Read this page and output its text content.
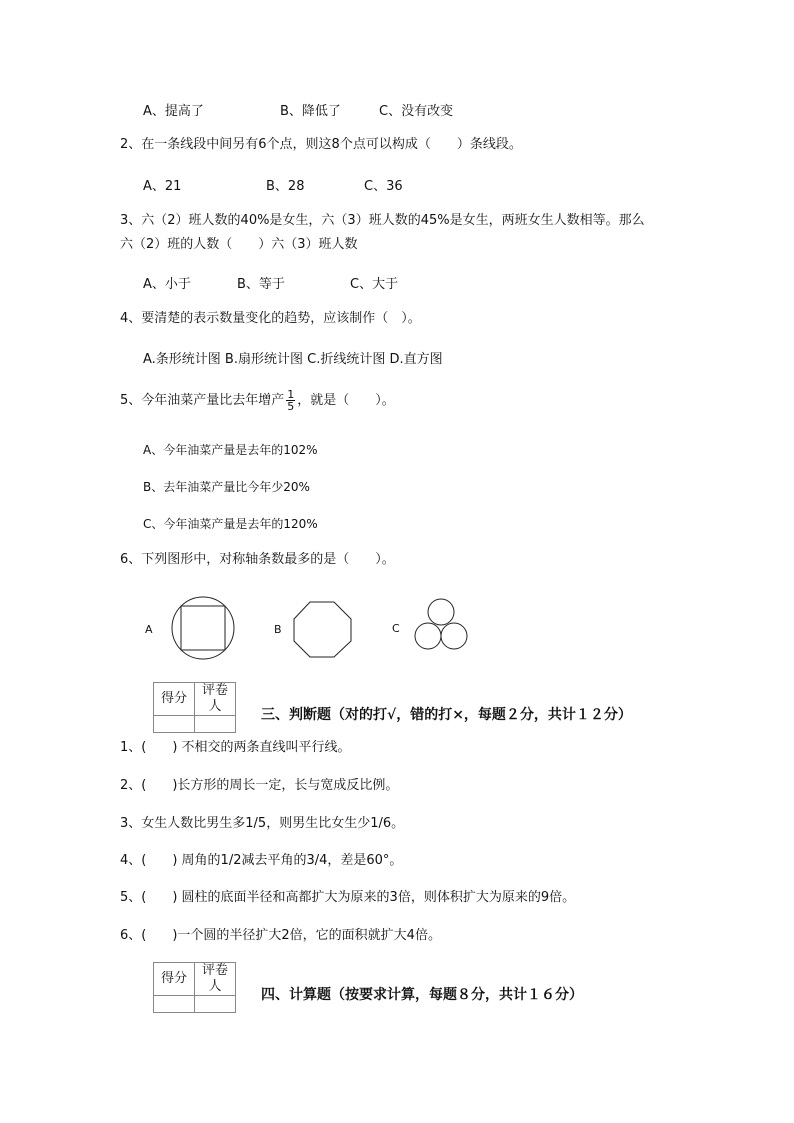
A、提高了	B、降低了	C、没有改变
2、在一条线段中间另有6个点，则这8个点可以构成（　　）条线段。
A、21	B、28	C、36
3、六（2）班人数的40%是女生，六（3）班人数的45%是女生，两班女生人数相等。那么
六（2）班的人数（　　）六（3）班人数
A、小于	B、等于	C、大于
4、要清楚的表示数量变化的趋势，应该制作（　）。
A.条形统计图 B.扇形统计图 C.折线统计图 D.直方图
5、今年油菜产量比去年增产 $\frac{1}{5}$ ，就是（　　）。
A、今年油菜产量是去年的102%
B、去年油菜产量比今年少20%
C、今年油菜产量是去年的120%
6、下列图形中，对称轴条数最多的是（　　）。
A	B	C
得分	评卷人

三、判断题（对的打√，错的打×，每题２分，共计１２分）
1、(　　) 不相交的两条直线叫平行线。
2、(　　)长方形的周长一定，长与宽成反比例。
3、女生人数比男生多1/5，则男生比女生少1/6。
4、(　　) 周角的1/2减去平角的3/4，差是60°。
5、(　　) 圆柱的底面半径和高都扩大为原来的3倍，则体积扩大为原来的9倍。
6、(　　)一个圆的半径扩大2倍，它的面积就扩大4倍。
得分	评卷人

四、计算题（按要求计算，每题８分，共计１６分）
